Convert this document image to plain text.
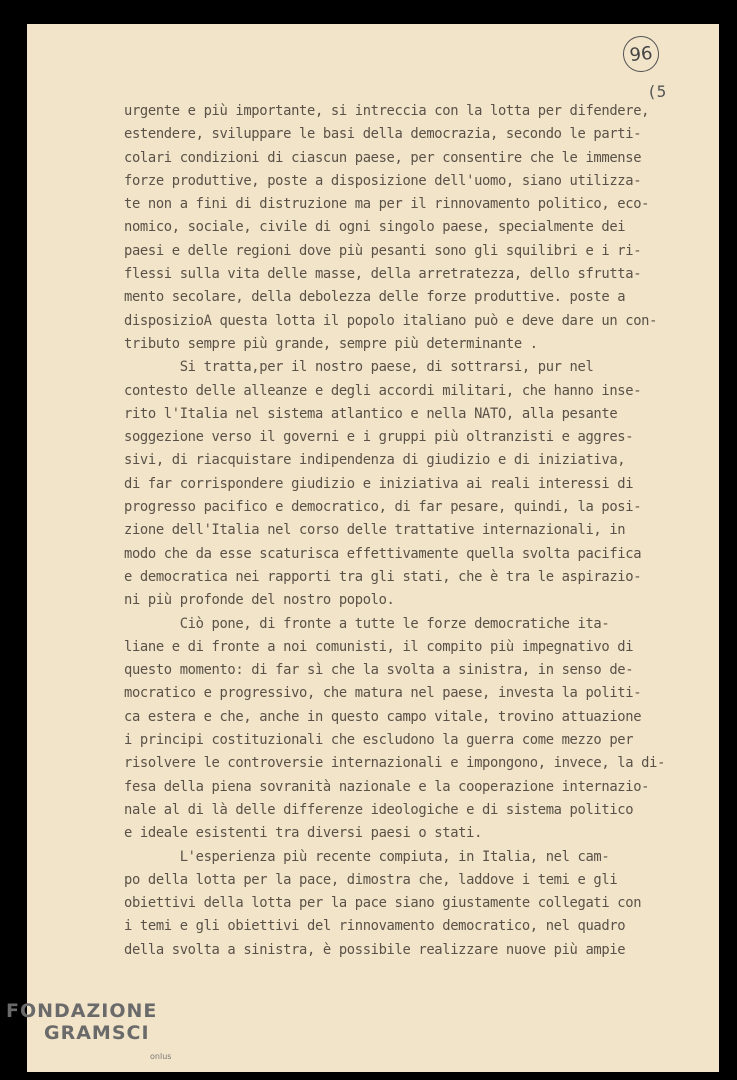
96
(5
urgente e più importante, si intreccia con la lotta per difendere,
estendere, sviluppare le basi della democrazia, secondo le parti-
colari condizioni di ciascun paese, per consentire che le immense
forze produttive, poste a disposizione dell'uomo, siano utilizza-
te non a fini di distruzione ma per il rinnovamento politico, eco-
nomico, sociale, civile di ogni singolo paese, specialmente dei
paesi e delle regioni dove più pesanti sono gli squilibri e i ri-
flessi sulla vita delle masse, della arretratezza, dello sfrutta-
mento secolare, della debolezza delle forze produttive. poste a
disposizioA questa lotta il popolo italiano può e deve dare un con-
tributo sempre più grande, sempre più determinante .
Si tratta,per il nostro paese, di sottrarsi, pur nel
contesto delle alleanze e degli accordi militari, che hanno inse-
rito l'Italia nel sistema atlantico e nella NATO, alla pesante
soggezione verso il governi e i gruppi più oltranzisti e aggres-
sivi, di riacquistare indipendenza di giudizio e di iniziativa,
di far corrispondere giudizio e iniziativa ai reali interessi di
progresso pacifico e democratico, di far pesare, quindi, la posi-
zione dell'Italia nel corso delle trattative internazionali, in
modo che da esse scaturisca effettivamente quella svolta pacifica
e democratica nei rapporti tra gli stati, che è tra le aspirazio-
ni più profonde del nostro popolo.
Ciò pone, di fronte a tutte le forze democratiche ita-
liane e di fronte a noi comunisti, il compito più impegnativo di
questo momento: di far sì che la svolta a sinistra, in senso de-
mocratico e progressivo, che matura nel paese, investa la politi-
ca estera e che, anche in questo campo vitale, trovino attuazione
i principi costituzionali che escludono la guerra come mezzo per
risolvere le controversie internazionali e impongono, invece, la di-
fesa della piena sovranità nazionale e la cooperazione internazio-
nale al di là delle differenze ideologiche e di sistema politico
e ideale esistenti tra diversi paesi o stati.
L'esperienza più recente compiuta, in Italia, nel cam-
po della lotta per la pace, dimostra che, laddove i temi e gli
obiettivi della lotta per la pace siano giustamente collegati con
i temi e gli obiettivi del rinnovamento democratico, nel quadro
della svolta a sinistra, è possibile realizzare nuove più ampie
FONDAZIONE
GRAMSCI
onlus
